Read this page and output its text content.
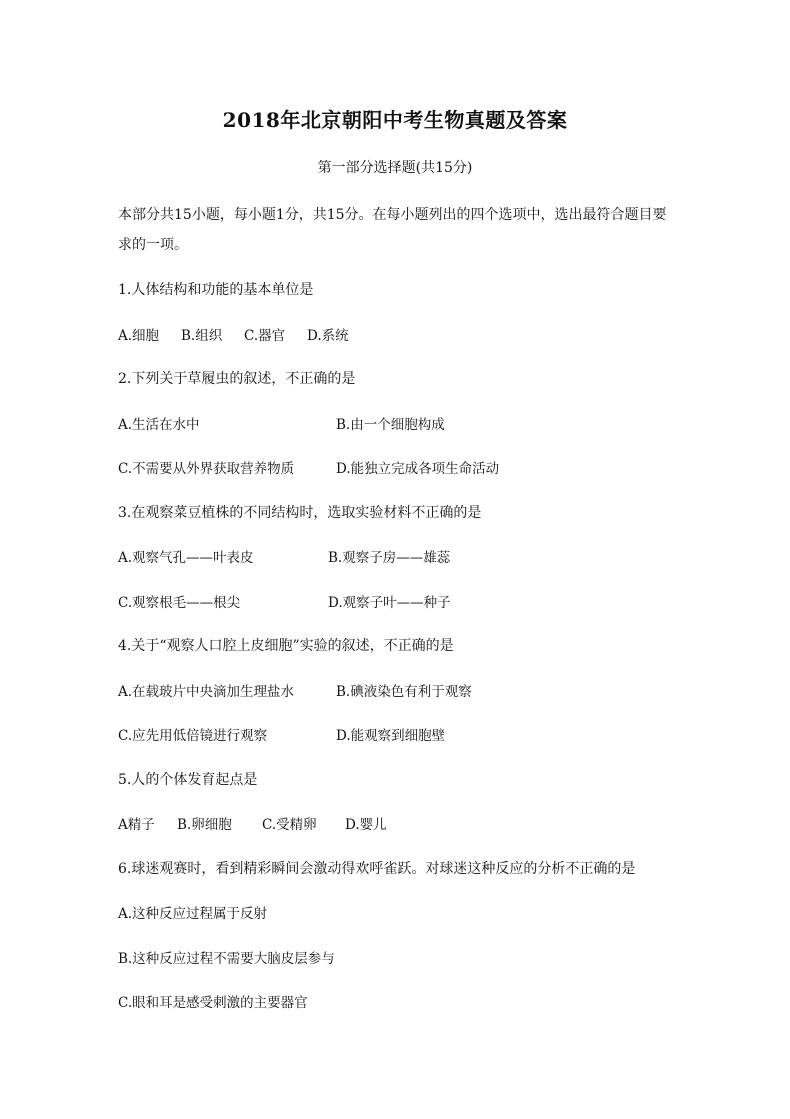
2018年北京朝阳中考生物真题及答案
第一部分选择题(共15分)
本部分共15小题，每小题1分，共15分。在每小题列出的四个选项中，选出最符合题目要求的一项。
1.人体结构和功能的基本单位是
A.细胞 B.组织 C.器官 D.系统
2.下列关于草履虫的叙述，不正确的是
A.生活在水中	B.由一个细胞构成
C.不需要从外界获取营养物质	D.能独立完成各项生命活动
3.在观察菜豆植株的不同结构时，选取实验材料不正确的是
A.观察气孔——叶表皮	B.观察子房——雄蕊
C.观察根毛——根尖	D.观察子叶——种子
4.关于“观察人口腔上皮细胞”实验的叙述，不正确的是
A.在载玻片中央滴加生理盐水	B.碘液染色有利于观察
C.应先用低倍镜进行观察	D.能观察到细胞壁
5.人的个体发育起点是
A精子 B.卵细胞 C.受精卵 D.婴儿
6.球迷观赛时，看到精彩瞬间会激动得欢呼雀跃。对球迷这种反应的分析不正确的是
A.这种反应过程属于反射
B.这种反应过程不需要大脑皮层参与
C.眼和耳是感受刺激的主要器官
